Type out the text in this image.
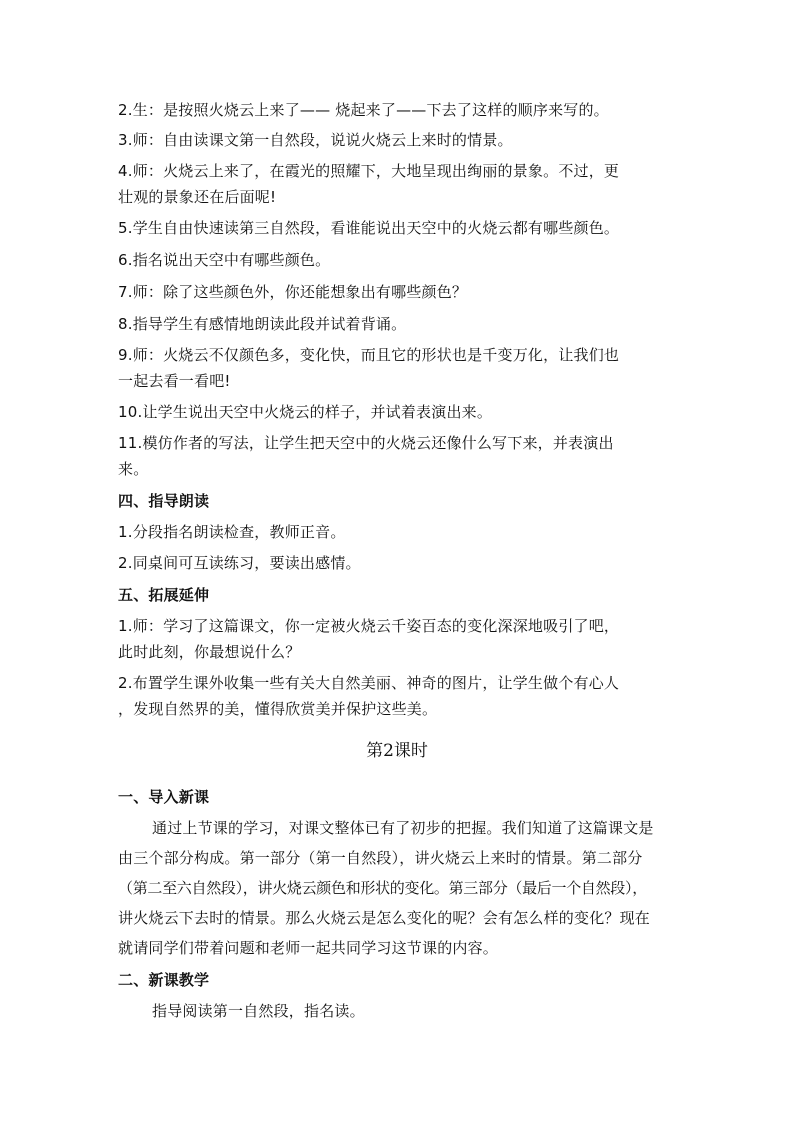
2.生：是按照火烧云上来了—— 烧起来了——下去了这样的顺序来写的。
3.师：自由读课文第一自然段，说说火烧云上来时的情景。
4.师：火烧云上来了，在霞光的照耀下，大地呈现出绚丽的景象。不过，更
壮观的景象还在后面呢!
5.学生自由快速读第三自然段，看谁能说出天空中的火烧云都有哪些颜色。
6.指名说出天空中有哪些颜色。
7.师：除了这些颜色外，你还能想象出有哪些颜色？
8.指导学生有感情地朗读此段并试着背诵。
9.师：火烧云不仅颜色多，变化快，而且它的形状也是千变万化，让我们也
一起去看一看吧!
10.让学生说出天空中火烧云的样子，并试着表演出来。
11.模仿作者的写法，让学生把天空中的火烧云还像什么写下来，并表演出
来。
四、指导朗读
1.分段指名朗读检查，教师正音。
2.同桌间可互读练习，要读出感情。
五、拓展延伸
1.师：学习了这篇课文，你一定被火烧云千姿百态的变化深深地吸引了吧，
此时此刻，你最想说什么？
2.布置学生课外收集一些有关大自然美丽、神奇的图片，让学生做个有心人
，发现自然界的美，懂得欣赏美并保护这些美。
第2课时
一、导入新课
通过上节课的学习，对课文整体已有了初步的把握。我们知道了这篇课文是
由三个部分构成。第一部分（第一自然段），讲火烧云上来时的情景。第二部分
（第二至六自然段），讲火烧云颜色和形状的变化。第三部分（最后一个自然段），
讲火烧云下去时的情景。那么火烧云是怎么变化的呢？会有怎么样的变化？现在
就请同学们带着问题和老师一起共同学习这节课的内容。
二、新课教学
指导阅读第一自然段，指名读。
